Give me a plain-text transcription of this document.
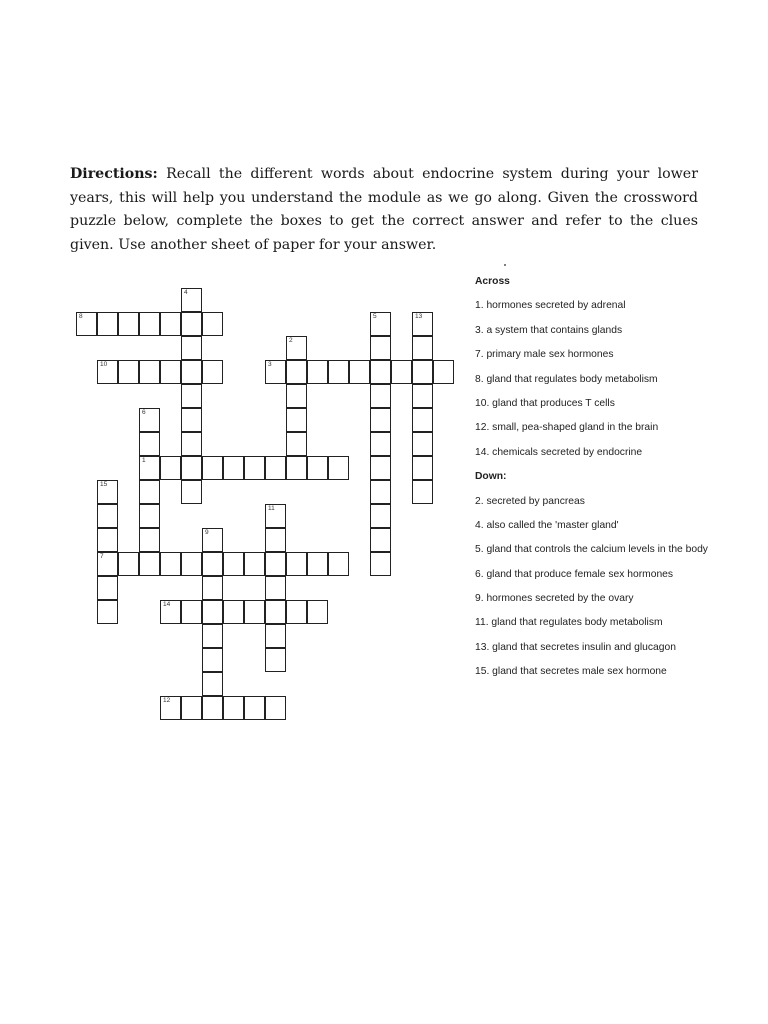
Directions: Recall the different words about endocrine system during your lower years, this will help you understand the module as we go along. Given the crossword puzzle below, complete the boxes to get the correct answer and refer to the clues given. Use another sheet of paper for your answer.

8
4
5	13
2
10	3
6
1
15
7
11
9
14
12
Across
1. hormones secreted by adrenal
3. a system that contains glands
7. primary male sex hormones
8. gland that regulates body metabolism
10. gland that produces T cells
12. small, pea-shaped gland in the brain
14. chemicals secreted by endocrine
Down:
2. secreted by pancreas
4. also called the 'master gland'
5. gland that controls the calcium levels in the body
6. gland that produce female sex hormones
9. hormones secreted by the ovary
11. gland that regulates body metabolism
13. gland that secretes insulin and glucagon
15. gland that secretes male sex hormone
